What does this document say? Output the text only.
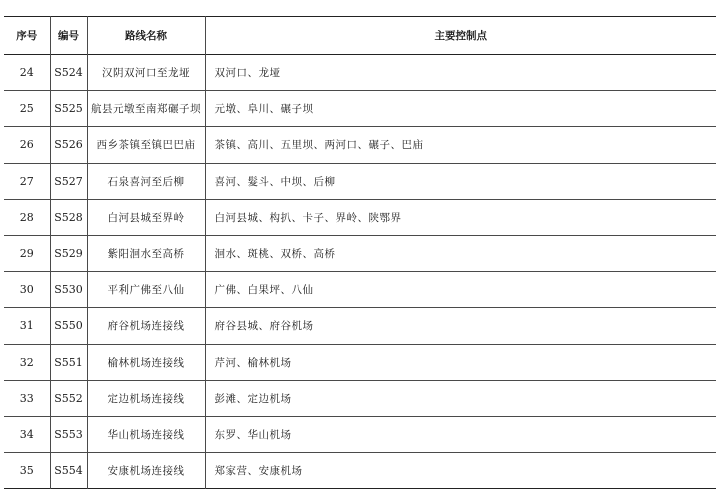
序号	编号	路线名称	主要控制点
24	S524	汉阴双河口至龙垭	双河口、龙垭
25	S525	航县元墩至南郑碾子坝	元墩、阜川、碾子坝
26	S526	西乡茶镇至镇巴巴庙	茶镇、高川、五里坝、两河口、碾子、巴庙
27	S527	石泉喜河至后柳	喜河、髮斗、中坝、后柳
28	S528	白河县城至界岭	白河县城、构扒、卡子、界岭、陕鄂界
29	S529	紫阳洄水至高桥	洄水、斑桃、双桥、高桥
30	S530	平利广佛至八仙	广佛、白果坪、八仙
31	S550	府谷机场连接线	府谷县城、府谷机场
32	S551	榆林机场连接线	芹河、榆林机场
33	S552	定边机场连接线	彭滩、定边机场
34	S553	华山机场连接线	东罗、华山机场
35	S554	安康机场连接线	郑家营、安康机场
